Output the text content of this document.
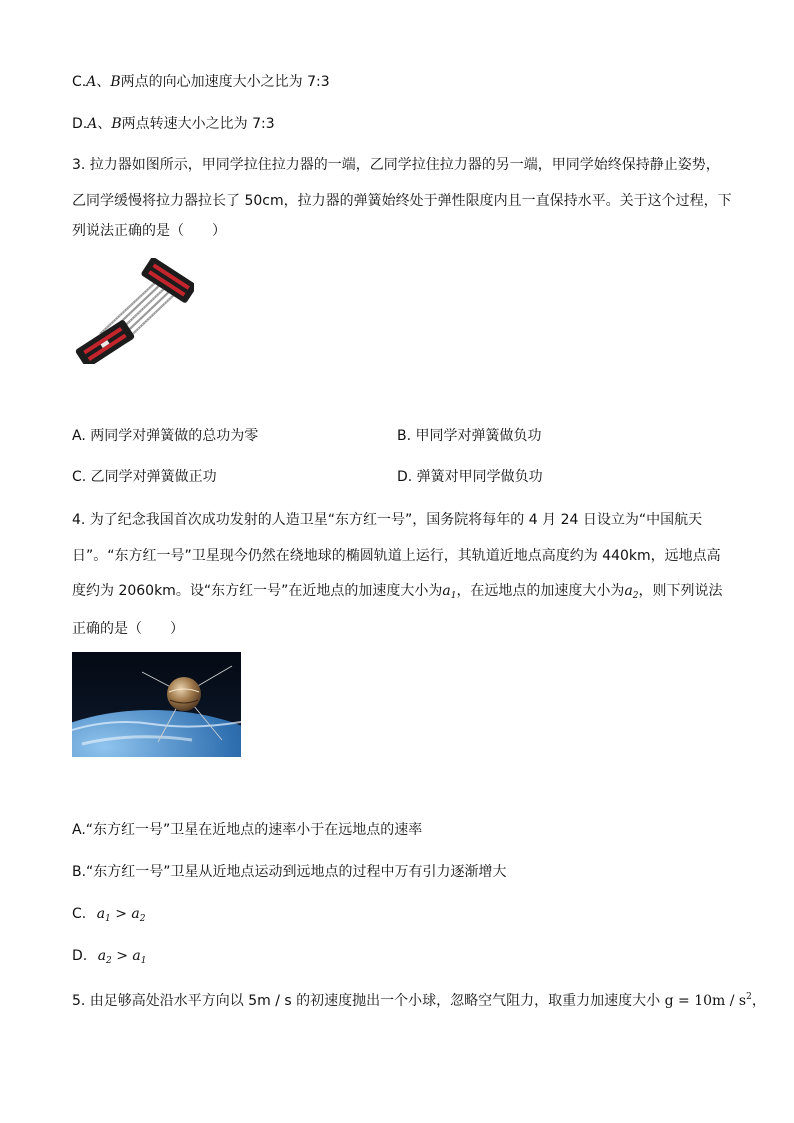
C.A、B两点的向心加速度大小之比为 7:3
D.A、B两点转速大小之比为 7:3
3. 拉力器如图所示，甲同学拉住拉力器的一端，乙同学拉住拉力器的另一端，甲同学始终保持静止姿势，
乙同学缓慢将拉力器拉长了 50cm，拉力器的弹簧始终处于弹性限度内且一直保持水平。关于这个过程，下
列说法正确的是（　　）
A. 两同学对弹簧做的总功为零	B. 甲同学对弹簧做负功
C. 乙同学对弹簧做正功	D. 弹簧对甲同学做负功
4. 为了纪念我国首次成功发射的人造卫星“东方红一号”，国务院将每年的 4 月 24 日设立为“中国航天
日”。“东方红一号”卫星现今仍然在绕地球的椭圆轨道上运行，其轨道近地点高度约为 440km，远地点高
度约为 2060km。设“东方红一号”在近地点的加速度大小为$a_1$，在远地点的加速度大小为$a_2$，则下列说法
正确的是（　　）
A.“东方红一号”卫星在近地点的速率小于在远地点的速率
B.“东方红一号”卫星从近地点运动到远地点的过程中万有引力逐渐增大
C. $a_1 > a_2$
D. $a_2 > a_1$
5. 由足够高处沿水平方向以 5m / s 的初速度抛出一个小球，忽略空气阻力，取重力加速度大小 $g = 10m / s^2$，
